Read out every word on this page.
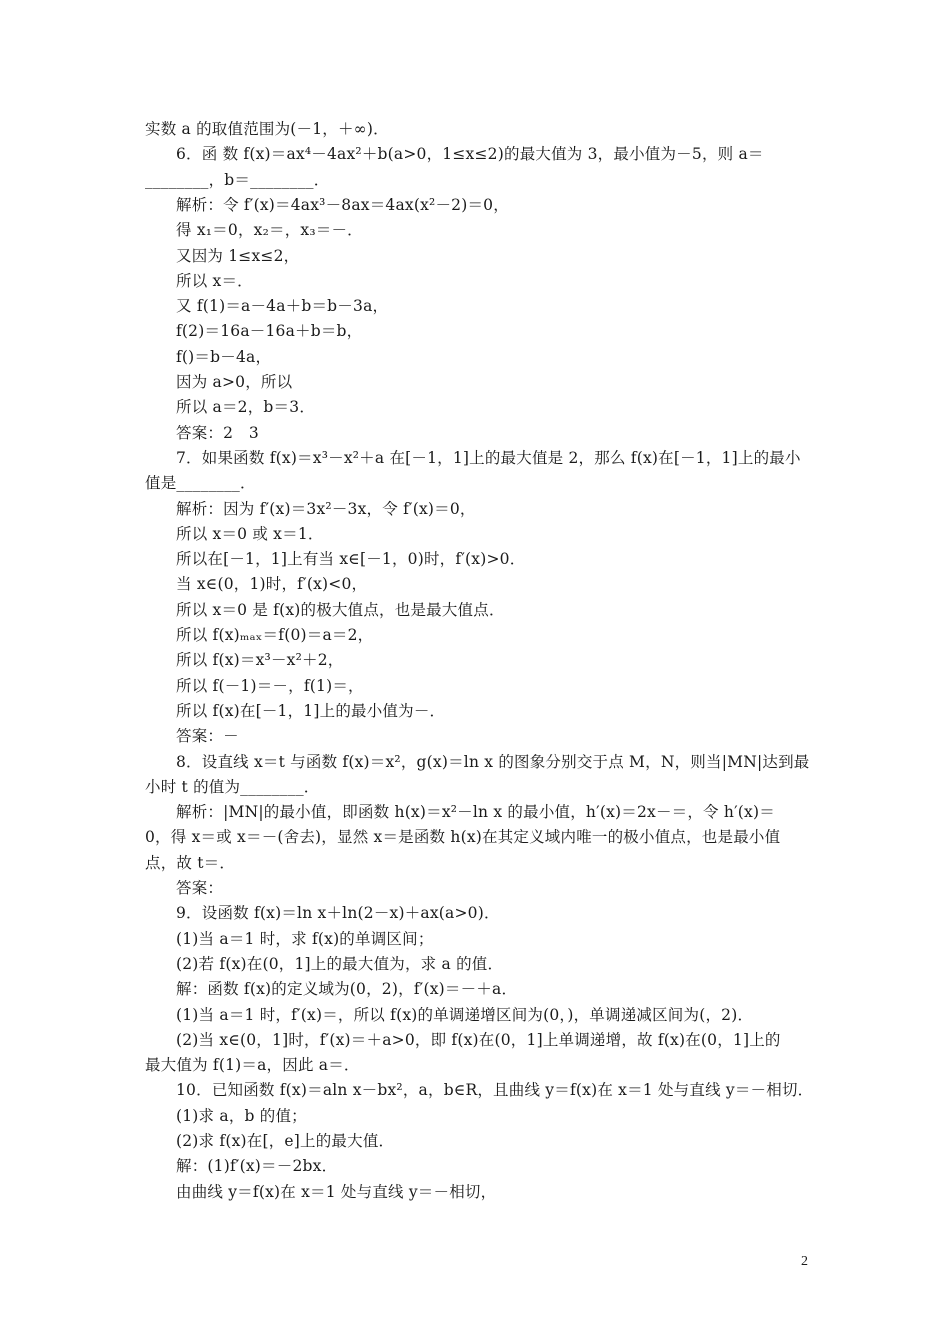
实数 a 的取值范围为(－1，＋∞)．
6．函 数 f(x)＝ax⁴－4ax²＋b(a>0，1≤x≤2)的最大值为 3，最小值为－5，则 a＝
________，b＝________．
解析：令 f′(x)＝4ax³－8ax＝4ax(x²－2)＝0，
得 x₁＝0，x₂＝，x₃＝－．
又因为 1≤x≤2，
所以 x＝．
又 f(1)＝a－4a＋b＝b－3a，
f(2)＝16a－16a＋b＝b，
f()＝b－4a，
因为 a>0，所以
所以 a＝2，b＝3．
答案：2　3
7．如果函数 f(x)＝x³－x²＋a 在[－1，1]上的最大值是 2，那么 f(x)在[－1，1]上的最小
值是________．
解析：因为 f′(x)＝3x²－3x，令 f′(x)＝0，
所以 x＝0 或 x＝1．
所以在[－1，1]上有当 x∈[－1，0)时，f′(x)>0．
当 x∈(0，1)时，f′(x)<0，
所以 x＝0 是 f(x)的极大值点，也是最大值点．
所以 f(x)ₘₐₓ＝f(0)＝a＝2，
所以 f(x)＝x³－x²＋2，
所以 f(－1)＝－，f(1)＝，
所以 f(x)在[－1，1]上的最小值为－．
答案：－
8．设直线 x＝t 与函数 f(x)＝x²，g(x)＝ln x 的图象分别交于点 M，N，则当|MN|达到最
小时 t 的值为________．
解析：|MN|的最小值，即函数 h(x)＝x²－ln x 的最小值，h′(x)＝2x－＝，令 h′(x)＝
0，得 x＝或 x＝－(舍去)，显然 x＝是函数 h(x)在其定义域内唯一的极小值点，也是最小值
点，故 t＝．
答案：
9．设函数 f(x)＝ln x＋ln(2－x)＋ax(a>0)．
(1)当 a＝1 时，求 f(x)的单调区间；
(2)若 f(x)在(0，1]上的最大值为，求 a 的值．
解：函数 f(x)的定义域为(0，2)，f′(x)＝－＋a．
(1)当 a＝1 时，f′(x)＝，所以 f(x)的单调递增区间为(0，)，单调递减区间为(，2)．
(2)当 x∈(0，1]时，f′(x)＝＋a>0，即 f(x)在(0，1]上单调递增，故 f(x)在(0，1]上的
最大值为 f(1)＝a，因此 a＝．
10．已知函数 f(x)＝aln x－bx²，a，b∈R，且曲线 y＝f(x)在 x＝1 处与直线 y＝－相切．
(1)求 a，b 的值；
(2)求 f(x)在[，e]上的最大值．
解：(1)f′(x)＝－2bx．
由曲线 y＝f(x)在 x＝1 处与直线 y＝－相切，
2
